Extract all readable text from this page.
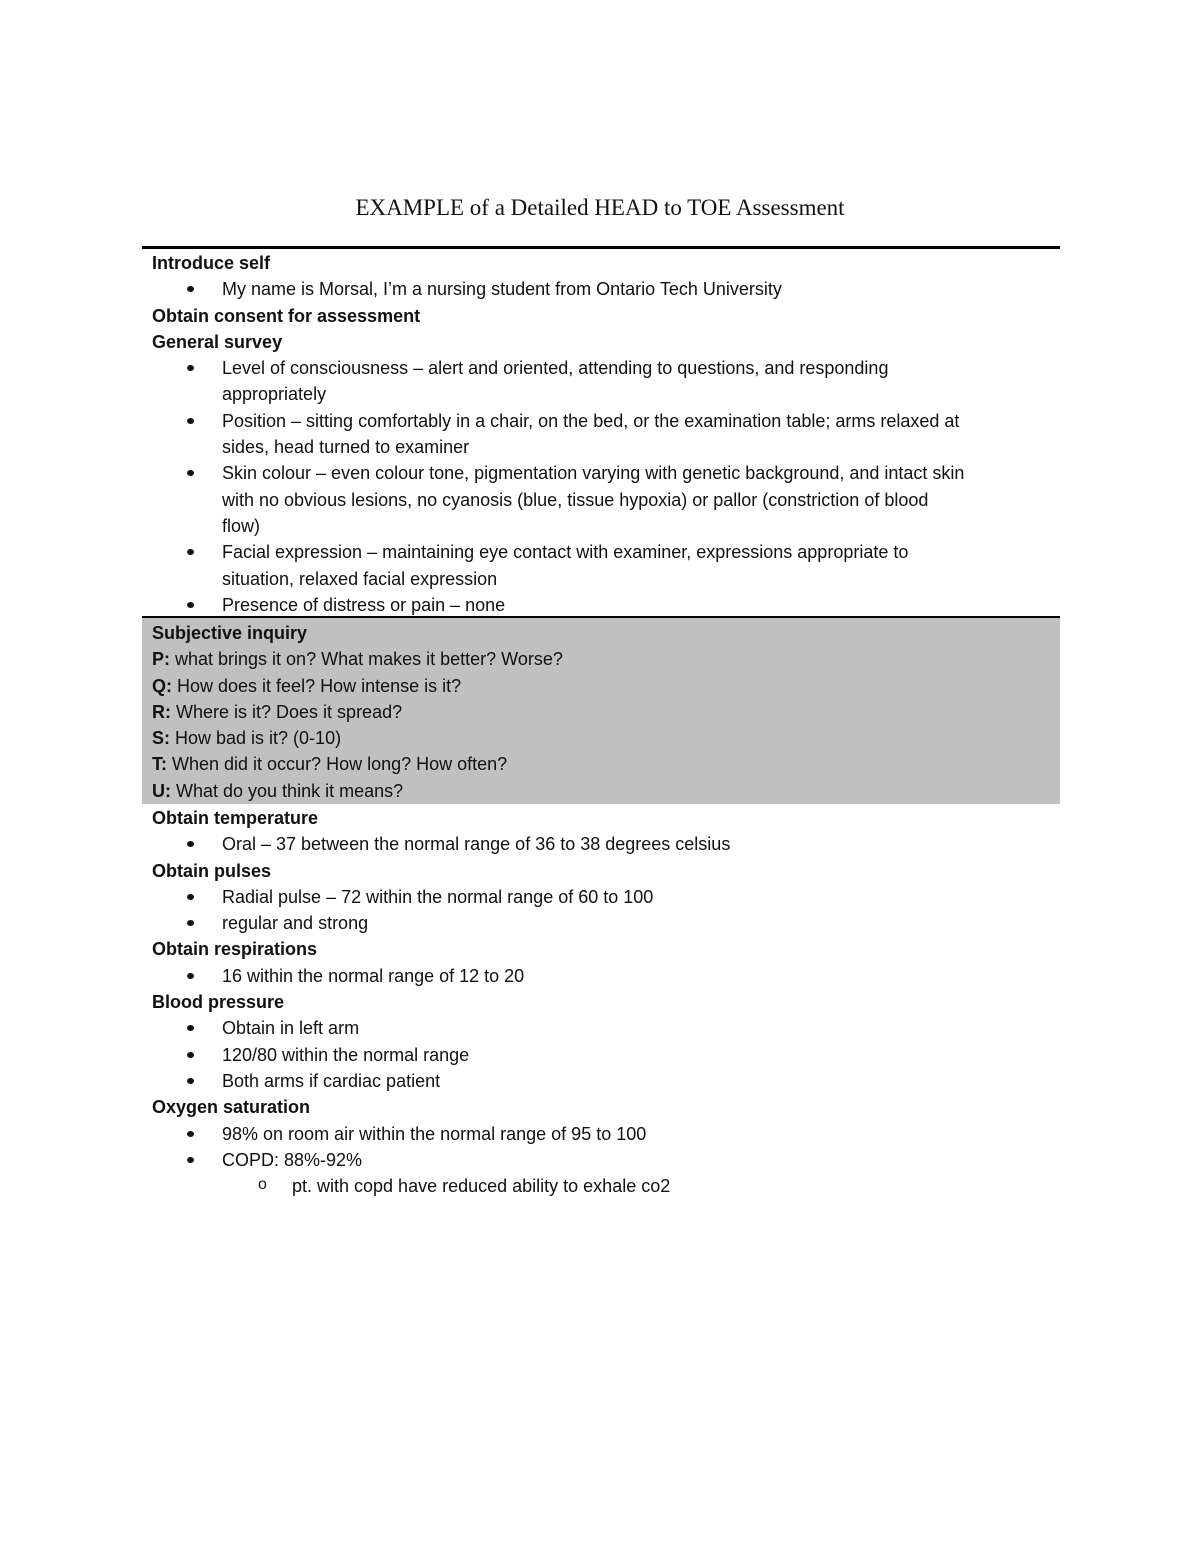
EXAMPLE of a Detailed HEAD to TOE Assessment
Introduce self
My name is Morsal, I’m a nursing student from Ontario Tech University
Obtain consent for assessment
General survey
Level of consciousness – alert and oriented, attending to questions, and responding
appropriately
Position – sitting comfortably in a chair, on the bed, or the examination table; arms relaxed at
sides, head turned to examiner
Skin colour – even colour tone, pigmentation varying with genetic background, and intact skin
with no obvious lesions, no cyanosis (blue, tissue hypoxia) or pallor (constriction of blood
flow)
Facial expression – maintaining eye contact with examiner, expressions appropriate to
situation, relaxed facial expression
Presence of distress or pain – none
Subjective inquiry
P: what brings it on? What makes it better? Worse?
Q: How does it feel? How intense is it?
R: Where is it? Does it spread?
S: How bad is it? (0-10)
T: When did it occur? How long? How often?
U: What do you think it means?
Obtain temperature
Oral – 37 between the normal range of 36 to 38 degrees celsius
Obtain pulses
Radial pulse – 72 within the normal range of 60 to 100
regular and strong
Obtain respirations
16 within the normal range of 12 to 20
Blood pressure
Obtain in left arm
120/80 within the normal range
Both arms if cardiac patient
Oxygen saturation
98% on room air within the normal range of 95 to 100
COPD: 88%-92%
o pt. with copd have reduced ability to exhale co2
